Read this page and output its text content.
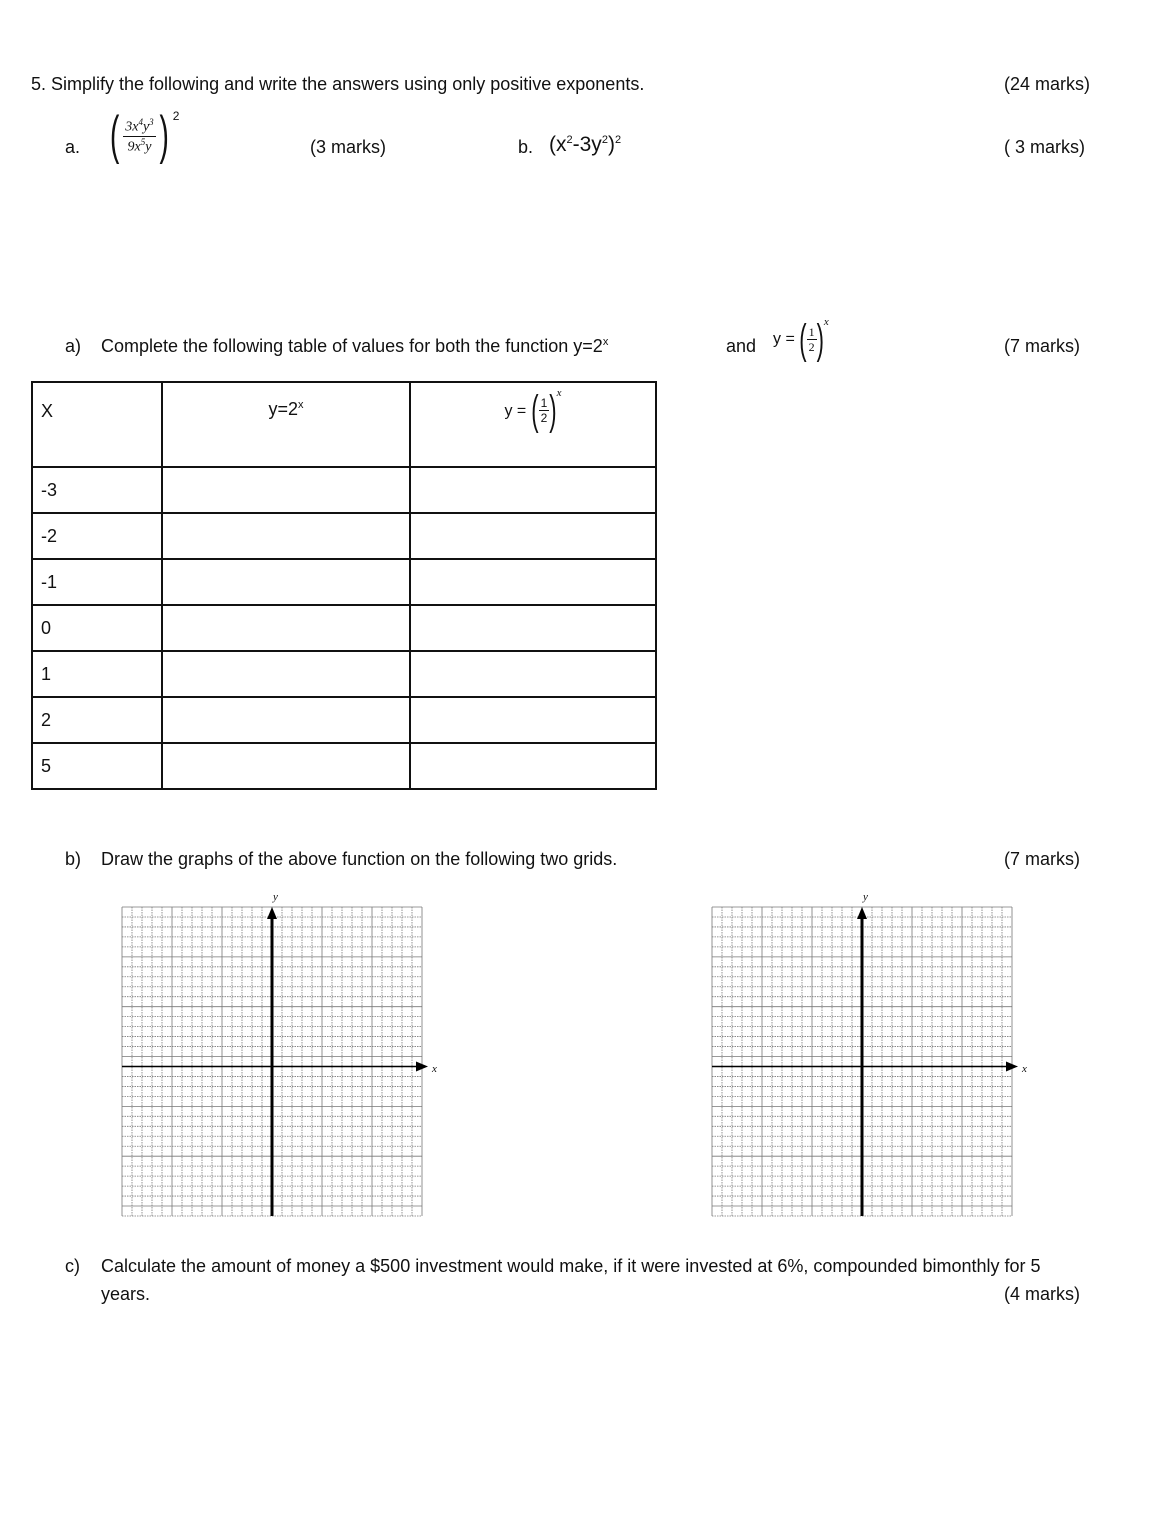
5. Simplify the following and write the answers using only positive exponents.	(24 marks)
a. ( $\frac{3x^4y^3}{9x^5y}$ ) $^2$
(3 marks)	b. $(x^2-3y^2)^2$	( 3 marks)
a) Complete the following table of values for both the function $y=2^x$	and y = ( $\frac{1}{2} )^x$
(7 marks)
X	$y=2^x$	y = ( $\frac{1}{2} )^x$
-3		
-2		
-1		
0		
1		
2		
5		
b) Draw the graphs of the above function on the following two grids.	(7 marks)
y
x
y
x
c) Calculate the amount of money a $500 investment would make, if it were invested at 6%, compounded bimonthly for 5
years.	(4 marks)
